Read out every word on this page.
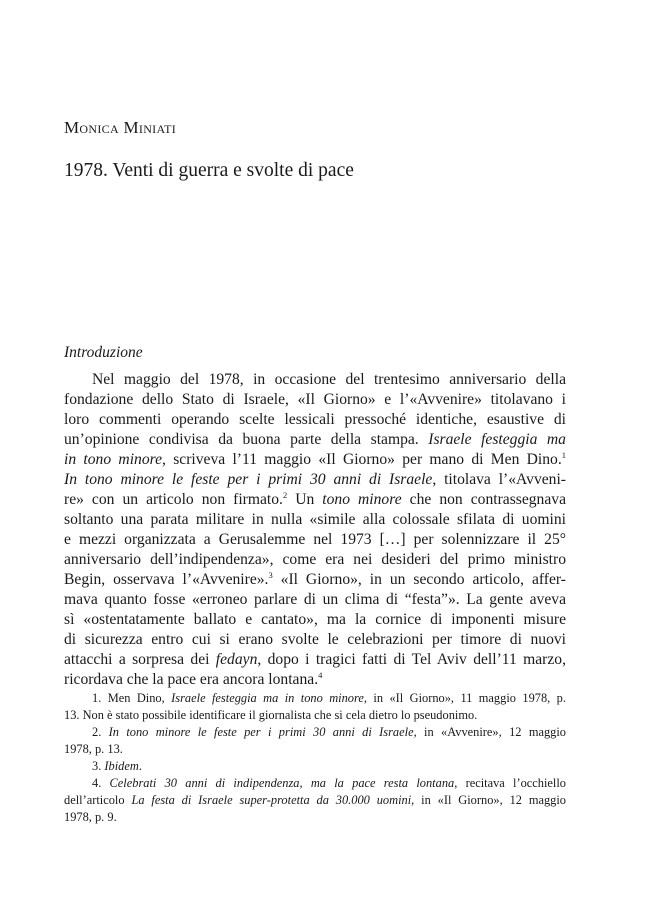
Monica Miniati
1978. Venti di guerra e svolte di pace
Introduzione
Nel maggio del 1978, in occasione del trentesimo anniversario della
fondazione dello Stato di Israele, «Il Giorno» e l’«Avvenire» titolavano i
loro commenti operando scelte lessicali pressoché identiche, esaustive di
un’opinione condivisa da buona parte della stampa. Israele festeggia ma
in tono minore, scriveva l’11 maggio «Il Giorno» per mano di Men Dino.$^1$
In tono minore le feste per i primi 30 anni di Israele, titolava l’«Avveni-
re» con un articolo non firmato.$^2$ Un tono minore che non contrassegnava
soltanto una parata militare in nulla «simile alla colossale sfilata di uomini
e mezzi organizzata a Gerusalemme nel 1973 […] per solennizzare il 25°
anniversario dell’indipendenza», come era nei desideri del primo ministro
Begin, osservava l’«Avvenire».$^3$ «Il Giorno», in un secondo articolo, affer-
mava quanto fosse «erroneo parlare di un clima di “festa”». La gente aveva
sì «ostentatamente ballato e cantato», ma la cornice di imponenti misure
di sicurezza entro cui si erano svolte le celebrazioni per timore di nuovi
attacchi a sorpresa dei fedayn, dopo i tragici fatti di Tel Aviv dell’11 marzo,
ricordava che la pace era ancora lontana.$^4$
1. Men Dino, Israele festeggia ma in tono minore, in «Il Giorno», 11 maggio 1978, p.
13. Non è stato possibile identificare il giornalista che si cela dietro lo pseudonimo.
2. In tono minore le feste per i primi 30 anni di Israele, in «Avvenire», 12 maggio
1978, p. 13.
3. Ibidem.
4. Celebrati 30 anni di indipendenza, ma la pace resta lontana, recitava l’occhiello
dell’articolo La festa di Israele super-protetta da 30.000 uomini, in «Il Giorno», 12 maggio
1978, p. 9.
